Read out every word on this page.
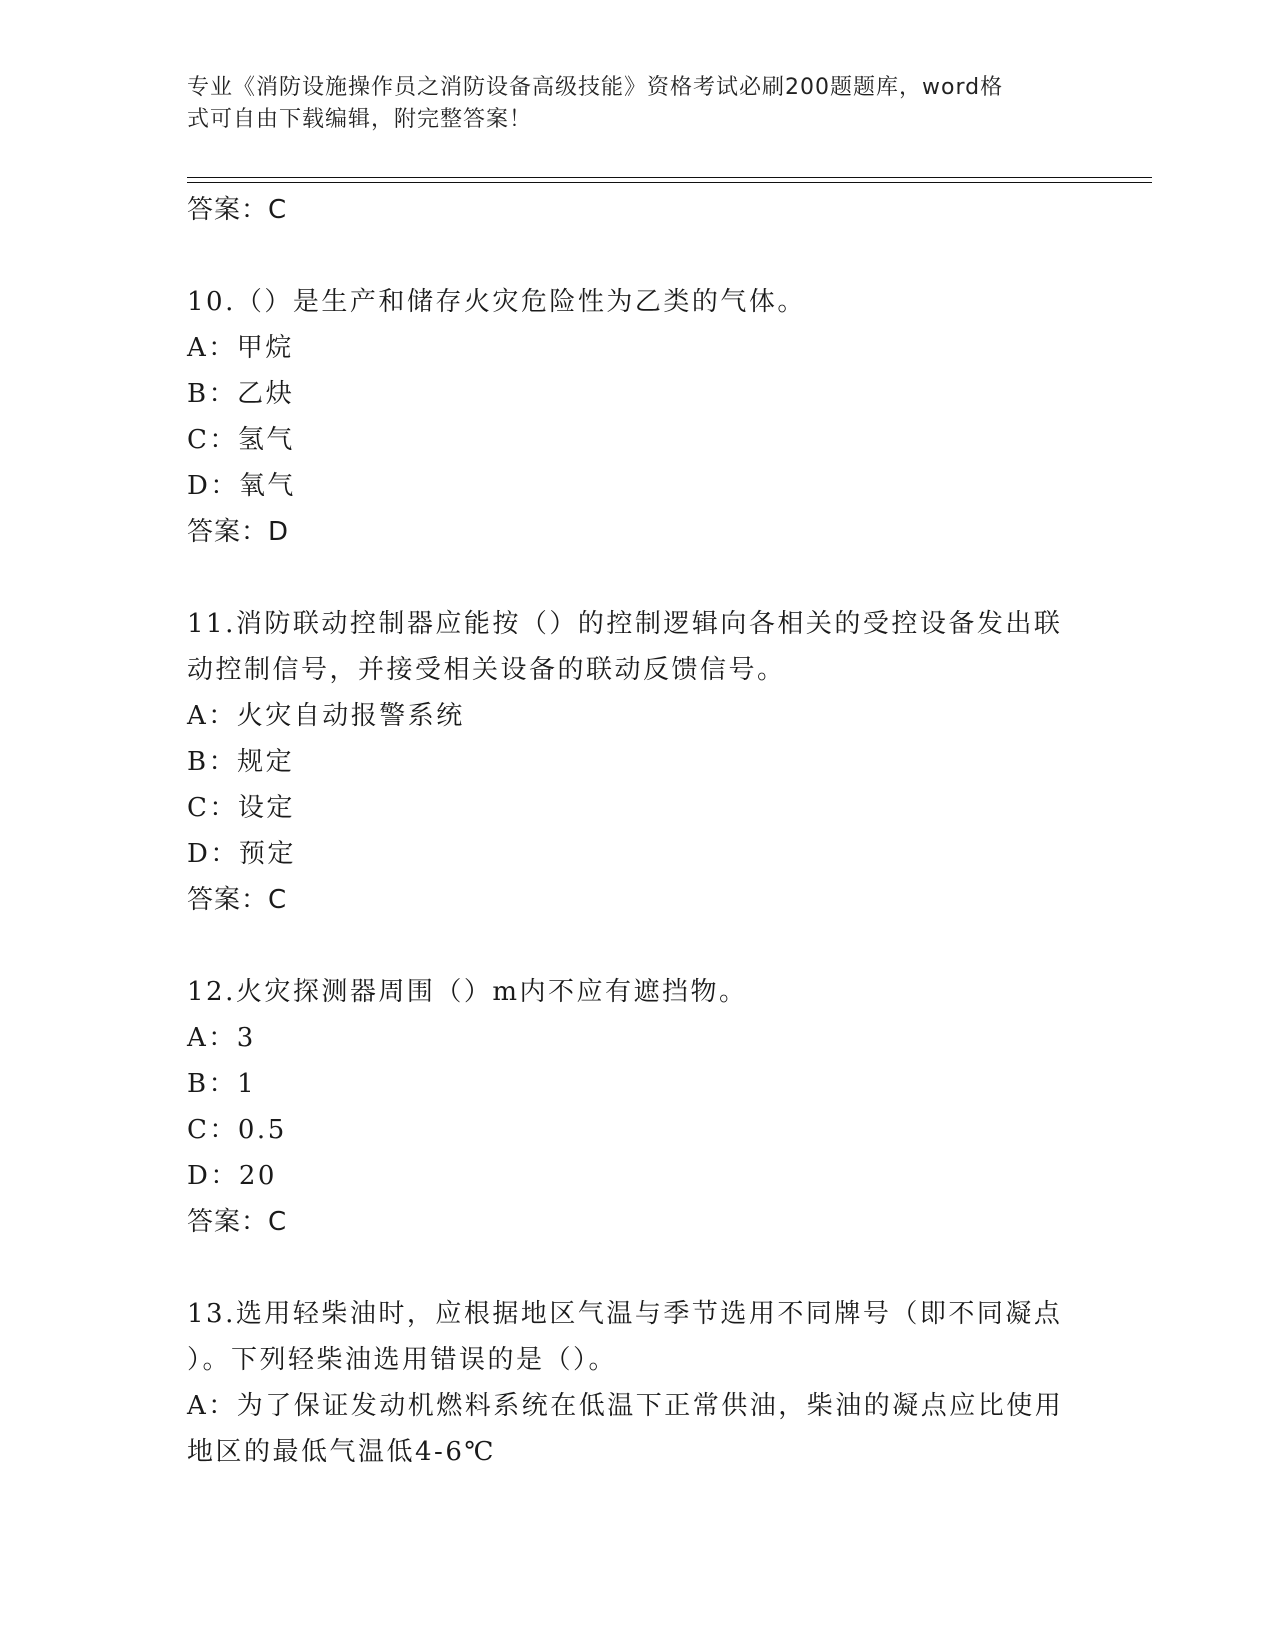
专业《消防设施操作员之消防设备高级技能》资格考试必刷200题题库，word格
式可自由下载编辑，附完整答案！
答案：C
10.（）是生产和储存火灾危险性为乙类的气体。
A：甲烷
B：乙炔
C：氢气
D：氧气
答案：D
11.消防联动控制器应能按（）的控制逻辑向各相关的受控设备发出联
动控制信号，并接受相关设备的联动反馈信号。
A：火灾自动报警系统
B：规定
C：设定
D：预定
答案：C
12.火灾探测器周围（）m内不应有遮挡物。
A：3
B：1
C：0.5
D：20
答案：C
13.选用轻柴油时，应根据地区气温与季节选用不同牌号（即不同凝点
）。下列轻柴油选用错误的是（）。
A：为了保证发动机燃料系统在低温下正常供油，柴油的凝点应比使用
地区的最低气温低4-6℃
